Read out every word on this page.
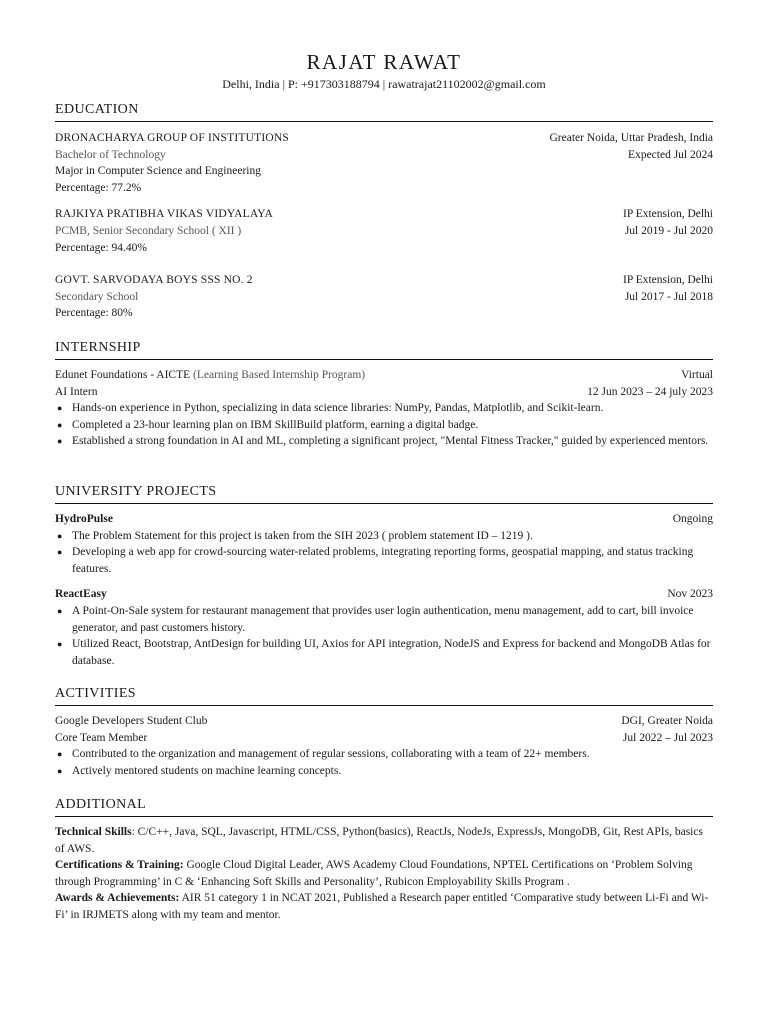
RAJAT RAWAT
Delhi, India | P: +917303188794 | rawatrajat21102002@gmail.com
EDUCATION
DRONACHARYA GROUP OF INSTITUTIONS	Greater Noida, Uttar Pradesh, India
Bachelor of Technology	Expected Jul 2024
Major in Computer Science and Engineering
Percentage: 77.2%
RAJKIYA PRATIBHA VIKAS VIDYALAYA	IP Extension, Delhi
PCMB, Senior Secondary School ( XII )	Jul 2019 - Jul 2020
Percentage: 94.40%
GOVT. SARVODAYA BOYS SSS NO. 2	IP Extension, Delhi
Secondary School	Jul 2017 - Jul 2018
Percentage: 80%
INTERNSHIP
Edunet Foundations - AICTE (Learning Based Internship Program)	Virtual
AI Intern	12 Jun 2023 – 24 july 2023
● Hands-on experience in Python, specializing in data science libraries: NumPy, Pandas, Matplotlib, and Scikit-learn.
● Completed a 23-hour learning plan on IBM SkillBuild platform, earning a digital badge.
● Established a strong foundation in AI and ML, completing a significant project, "Mental Fitness Tracker," guided by experienced mentors.
UNIVERSITY PROJECTS
HydroPulse	Ongoing
● The Problem Statement for this project is taken from the SIH 2023 ( problem statement ID – 1219 ).
● Developing a web app for crowd-sourcing water-related problems, integrating reporting forms, geospatial mapping, and status tracking features.
ReactEasy	Nov 2023
● A Point-On-Sale system for restaurant management that provides user login authentication, menu management, add to cart, bill invoice generator, and past customers history.
● Utilized React, Bootstrap, AntDesign for building UI, Axios for API integration, NodeJS and Express for backend and MongoDB Atlas for database.
ACTIVITIES
Google Developers Student Club	DGI, Greater Noida
Core Team Member	Jul 2022 – Jul 2023
● Contributed to the organization and management of regular sessions, collaborating with a team of 22+ members.
● Actively mentored students on machine learning concepts.
ADDITIONAL
Technical Skills: C/C++, Java, SQL, Javascript, HTML/CSS, Python(basics), ReactJs, NodeJs, ExpressJs, MongoDB, Git, Rest APIs, basics of AWS.
Certifications & Training: Google Cloud Digital Leader, AWS Academy Cloud Foundations, NPTEL Certifications on ‘Problem Solving through Programming’ in C & ‘Enhancing Soft Skills and Personality’, Rubicon Employability Skills Program .
Awards & Achievements: AIR 51 category 1 in NCAT 2021, Published a Research paper entitled ‘Comparative study between Li-Fi and Wi-Fi’ in IRJMETS along with my team and mentor.
